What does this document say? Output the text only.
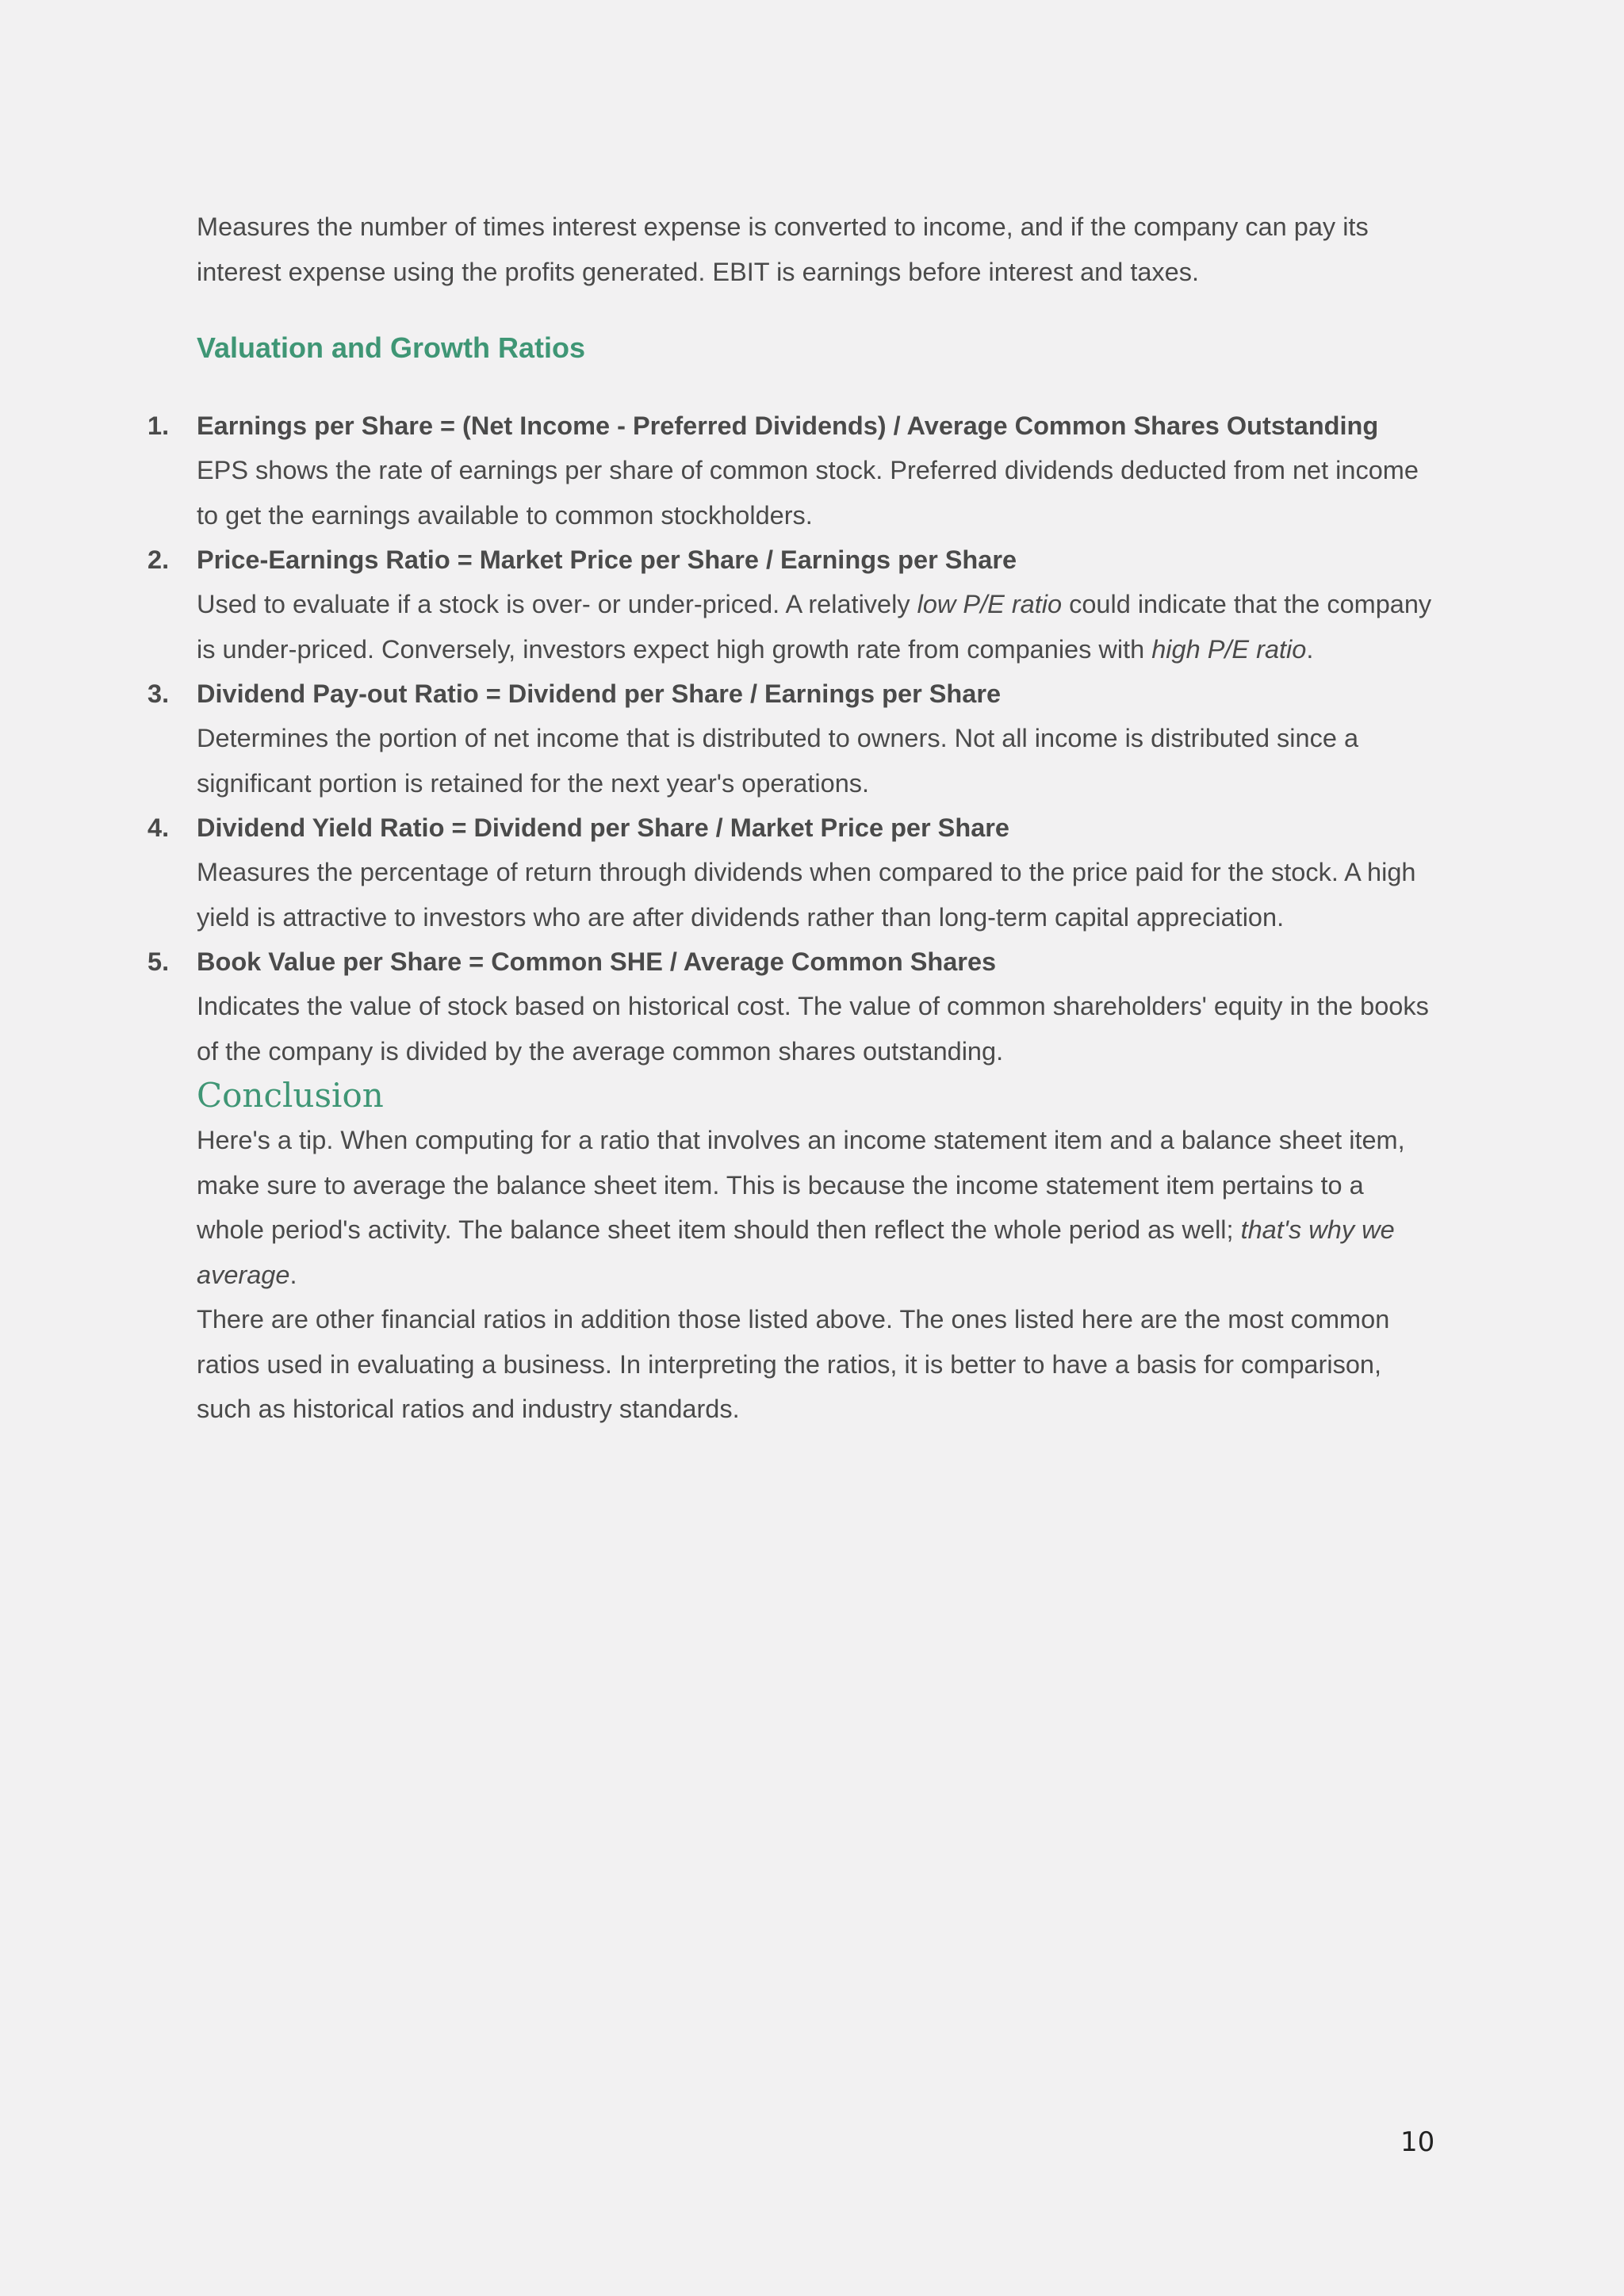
Measures the number of times interest expense is converted to income, and if the company can pay its interest expense using the profits generated. EBIT is earnings before interest and taxes.

Valuation and Growth Ratios
1. Earnings per Share = (Net Income - Preferred Dividends) / Average Common Shares Outstanding

EPS shows the rate of earnings per share of common stock. Preferred dividends deducted from net income to get the earnings available to common stockholders.

2. Price-Earnings Ratio = Market Price per Share / Earnings per Share

Used to evaluate if a stock is over- or under-priced. A relatively low P/E ratio could indicate that the company is under-priced. Conversely, investors expect high growth rate from companies with high P/E ratio.

3. Dividend Pay-out Ratio = Dividend per Share / Earnings per Share

Determines the portion of net income that is distributed to owners. Not all income is distributed since a significant portion is retained for the next year's operations.

4. Dividend Yield Ratio = Dividend per Share / Market Price per Share

Measures the percentage of return through dividends when compared to the price paid for the stock. A high yield is attractive to investors who are after dividends rather than long-term capital appreciation.

5. Book Value per Share = Common SHE / Average Common Shares

Indicates the value of stock based on historical cost. The value of common shareholders' equity in the books of the company is divided by the average common shares outstanding.

Conclusion

Here's a tip. When computing for a ratio that involves an income statement item and a balance sheet item, make sure to average the balance sheet item. This is because the income statement item pertains to a whole period's activity. The balance sheet item should then reflect the whole period as well; that's why we average.

There are other financial ratios in addition those listed above. The ones listed here are the most common ratios used in evaluating a business. In interpreting the ratios, it is better to have a basis for comparison, such as historical ratios and industry standards.

10
